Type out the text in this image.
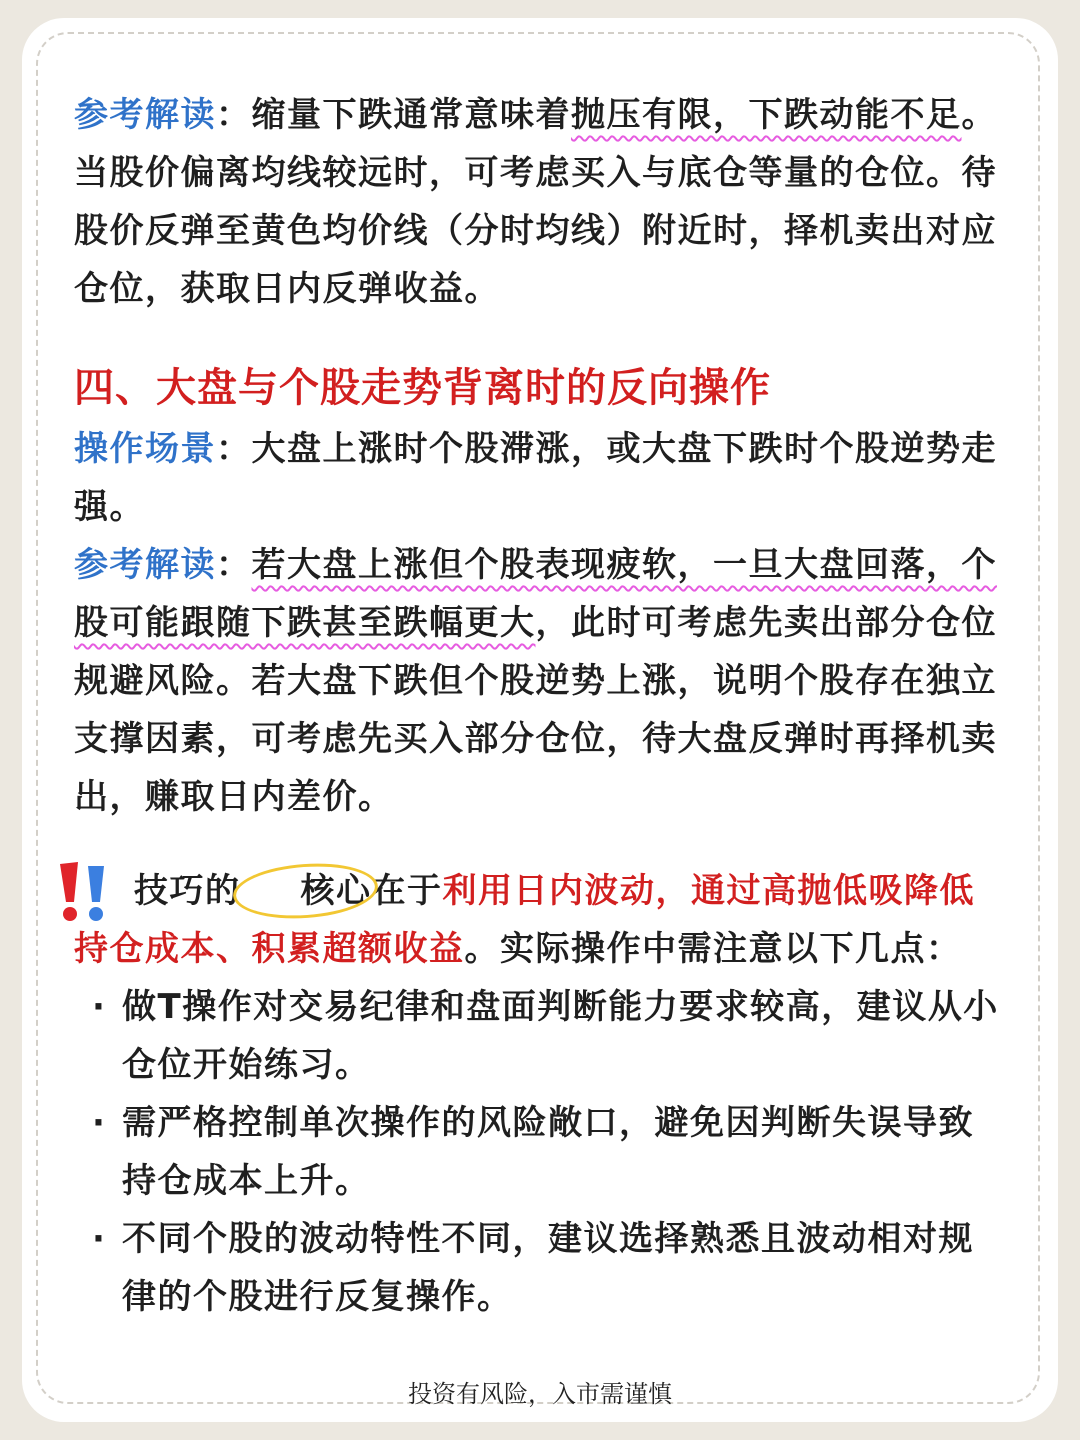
参考解读：缩量下跌通常意味着抛压有限，下跌动能不足。当股价偏离均线较远时，可考虑买入与底仓等量的仓位。待股价反弹至黄色均价线（分时均线）附近时，择机卖出对应仓位，获取日内反弹收益。

四、大盘与个股走势背离时的反向操作

操作场景：大盘上涨时个股滞涨，或大盘下跌时个股逆势走强。

参考解读：若大盘上涨但个股表现疲软，一旦大盘回落，个股可能跟随下跌甚至跌幅更大，此时可考虑先卖出部分仓位规避风险。若大盘下跌但个股逆势上涨，说明个股存在独立支撑因素，可考虑先买入部分仓位，待大盘反弹时再择机卖出，赚取日内差价。

技巧的 核心在于利用日内波动，通过高抛低吸降低持仓成本、积累超额收益。实际操作中需注意以下几点：

· 做T操作对交易纪律和盘面判断能力要求较高，建议从小仓位开始练习。
· 需严格控制单次操作的风险敞口，避免因判断失误导致持仓成本上升。
· 不同个股的波动特性不同，建议选择熟悉且波动相对规律的个股进行反复操作。
投资有风险，入市需谨慎
